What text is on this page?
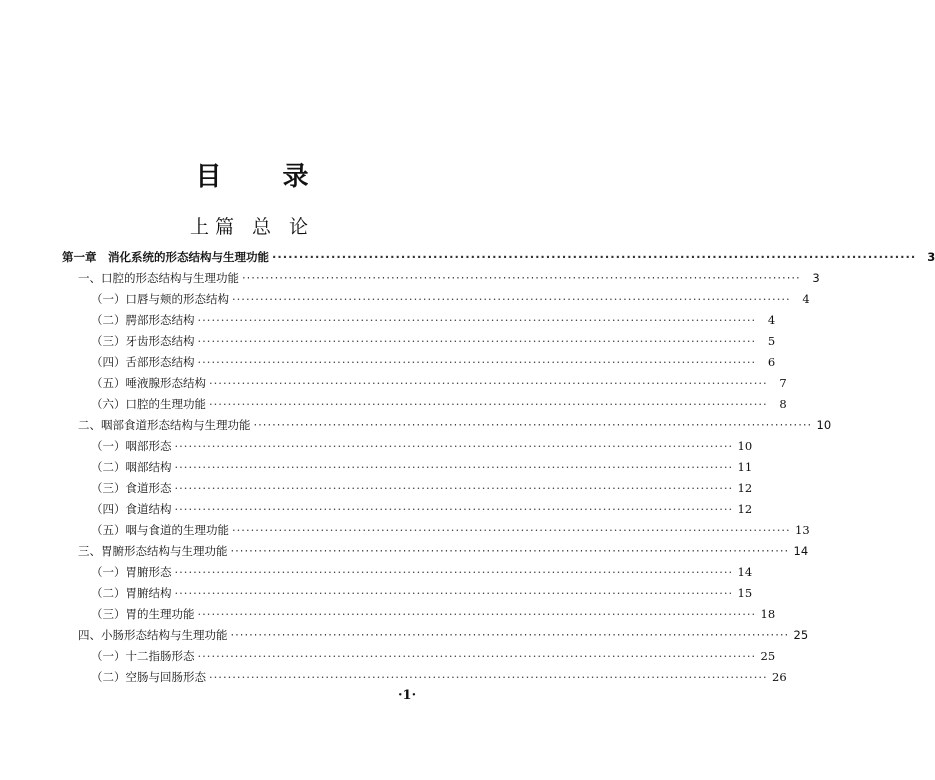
目 录
上篇 总 论
第一章　消化系统的形态结构与生理功能 ························································································································ 3
一、口腔的形态结构与生理功能 ························································································································	3
（一）口唇与颊的形态结构 ························································································································	4
（二）腭部形态结构 ························································································································	4
（三）牙齿形态结构 ························································································································	5
（四）舌部形态结构 ························································································································	6
（五）唾液腺形态结构 ························································································································	7
（六）口腔的生理功能 ························································································································	8
二、咽部食道形态结构与生理功能 ························································································································ 10
（一）咽部形态 ························································································································ 10
（二）咽部结构 ························································································································ 11
（三）食道形态 ························································································································ 12
（四）食道结构 ························································································································ 12
（五）咽与食道的生理功能 ························································································································ 13
三、胃腑形态结构与生理功能 ························································································································ 14
（一）胃腑形态 ························································································································ 14
（二）胃腑结构 ························································································································ 15
（三）胃的生理功能 ························································································································ 18
四、小肠形态结构与生理功能 ························································································································ 25
（一）十二指肠形态 ························································································································ 25
（二）空肠与回肠形态 ························································································································ 26
·1·
